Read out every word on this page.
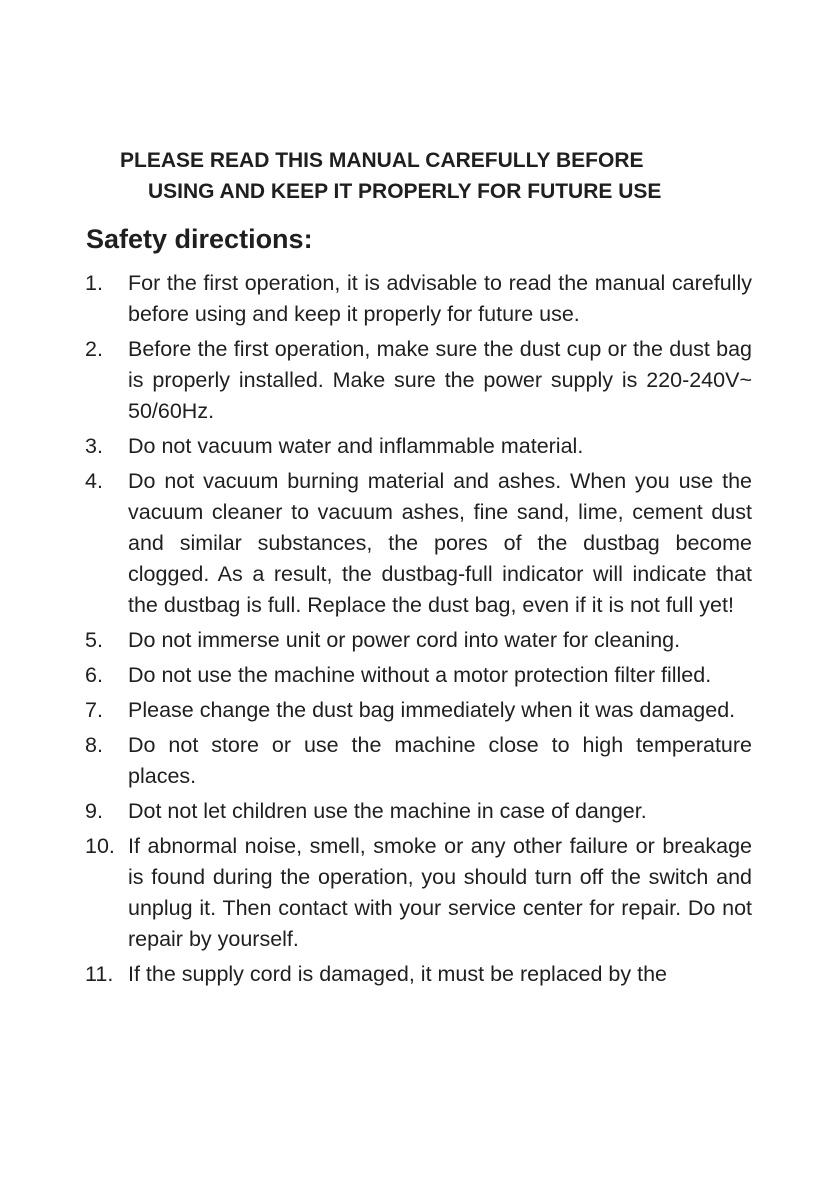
PLEASE READ THIS MANUAL CAREFULLY BEFORE

USING AND KEEP IT PROPERLY FOR FUTURE USE

Safety directions:
1. For the first operation, it is advisable to read the manual carefully before using and keep it properly for future use.
2. Before the first operation, make sure the dust cup or the dust bag is properly installed. Make sure the power supply is 220-240V~ 50/60Hz.
3. Do not vacuum water and inflammable material.
4. Do not vacuum burning material and ashes. When you use the vacuum cleaner to vacuum ashes, fine sand, lime, cement dust and similar substances, the pores of the dustbag become clogged. As a result, the dustbag-full indicator will indicate that the dustbag is full. Replace the dust bag, even if it is not full yet!
5. Do not immerse unit or power cord into water for cleaning.
6. Do not use the machine without a motor protection filter filled.
7. Please change the dust bag immediately when it was damaged.
8. Do not store or use the machine close to high temperature places.
9. Dot not let children use the machine in case of danger.
10. If abnormal noise, smell, smoke or any other failure or breakage is found during the operation, you should turn off the switch and unplug it. Then contact with your service center for repair. Do not repair by yourself.
11. If the supply cord is damaged, it must be replaced by the
